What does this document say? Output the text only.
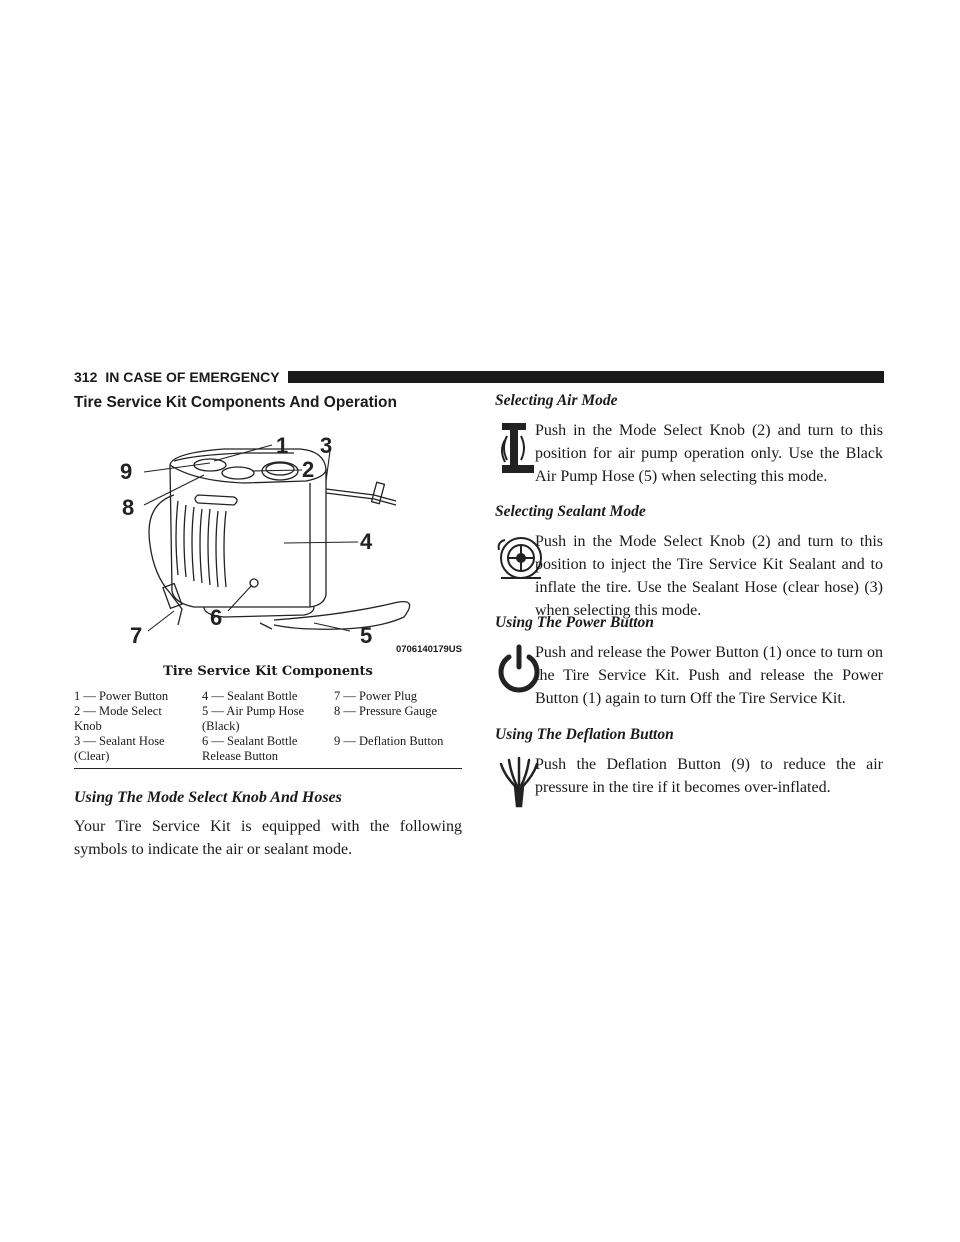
312 IN CASE OF EMERGENCY
Tire Service Kit Components And Operation
1
2
3
4
5
6
7
8
9
0706140179US
Tire Service Kit Components
1 — Power Button	4 — Sealant Bottle	7 — Power Plug
2 — Mode Select
Knob
5 — Air Pump Hose
(Black)
8 — Pressure Gauge
3 — Sealant Hose
(Clear)
6 — Sealant Bottle
Release Button
9 — Deflation Button
Using The Mode Select Knob And Hoses

Your Tire Service Kit is equipped with the following symbols to indicate the air or sealant mode.

Selecting Air Mode

Push in the Mode Select Knob (2) and turn to this position for air pump operation only. Use the Black Air Pump Hose (5) when selecting this mode.

Selecting Sealant Mode

Push in the Mode Select Knob (2) and turn to this position to inject the Tire Service Kit Sealant and to inflate the tire. Use the Sealant Hose (clear hose) (3) when selecting this mode.

Using The Power Button

Push and release the Power Button (1) once to turn on the Tire Service Kit. Push and release the Power Button (1) again to turn Off the Tire Service Kit.

Using The Deflation Button

Push the Deflation Button (9) to reduce the air pressure in the tire if it becomes over-inflated.
